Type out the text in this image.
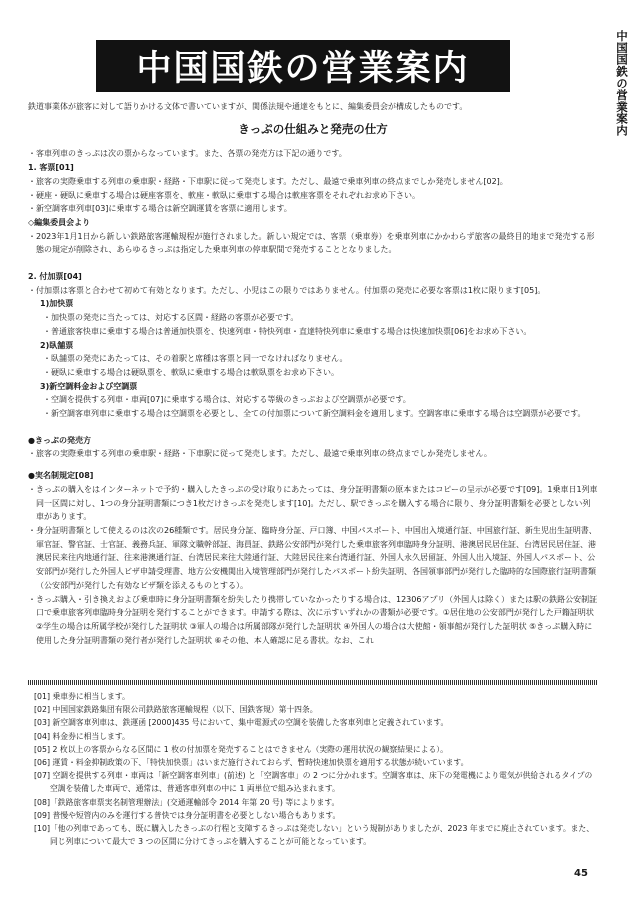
中国国鉄の営業案内	中国国鉄の営業案内
鉄道事業体が旅客に対して語りかける文体で書いていますが、関係法規や通達をもとに、編集委員会が構成したものです。
きっぷの仕組みと発売の仕方
・客車列車のきっぷは次の票からなっています。また、各票の発売方は下記の通りです。
1. 客票[01]
・旅客の実際乗車する列車の乗車駅・経路・下車駅に従って発売します。ただし、最遠で乗車列車の終点までしか発売しません[02]。
・硬座・硬臥に乗車する場合は硬座客票を、軟座・軟臥に乗車する場合は軟座客票をそれぞれお求め下さい。
・新空調客車列車[03]に乗車する場合は新空調運賃を客票に適用します。
◇編集委員会より
・2023年1月1日から新しい鉄路旅客運輸規程が施行されました。新しい規定では、客票（乗車券）を乗車列車にかかわらず旅客の最終目的地まで発売する形態の規定が削除され、あらゆるきっぷは指定した乗車列車の停車駅間で発売することとなりました。
2. 付加票[04]
・付加票は客票と合わせて初めて有効となります。ただし、小児はこの限りではありません。付加票の発売に必要な客票は1枚に限ります[05]。
1)加快票
・加快票の発売に当たっては、対応する区間・経路の客票が必要です。
・普通旅客快車に乗車する場合は普通加快票を、快速列車・特快列車・直達特快列車に乗車する場合は快速加快票[06]をお求め下さい。
2)臥舗票
・臥舗票の発売にあたっては、その着駅と席種は客票と同一でなければなりません。
・硬臥に乗車する場合は硬臥票を、軟臥に乗車する場合は軟臥票をお求め下さい。
3)新空調料金および空調票
・空調を提供する列車・車両[07]に乗車する場合は、対応する等級のきっぷおよび空調票が必要です。
・新空調客車列車に乗車する場合は空調票を必要とし、全ての付加票について新空調料金を適用します。空調客車に乗車する場合は空調票が必要です。
●きっぷの発売方
・旅客の実際乗車する列車の乗車駅・経路・下車駅に従って発売します。ただし、最遠で乗車列車の終点までしか発売しません。
●実名制規定[08]
・きっぷの購入をはインターネットで予約・購入したきっぷの受け取りにあたっては、身分証明書類の原本またはコピーの呈示が必要です[09]。1乗車日1列車同一区間に対し、1つの身分証明書類につき1枚だけきっぷを発売します[10]。ただし、駅できっぷを購入する場合に限り、身分証明書類を必要としない列車があります。
・身分証明書類として使えるのは次の26種類です。居民身分証、臨時身分証、戸口簿、中国パスポート、中国出入境通行証、中国旅行証、新生児出生証明書、軍官証、警官証、士官証、義務兵証、軍隊文職幹部証、海員証、鉄路公安部門が発行した乗車旅客列車臨時身分証明、港澳居民居住証、台湾居民居住証、港澳居民来往内地通行証、往来港澳通行証、台湾居民来往大陸通行証、大陸居民往来台湾通行証、外国人永久居留証、外国人出入境証、外国人パスポート、公安部門が発行した外国人ビザ申請受理書、地方公安機関出入境管理部門が発行したパスポート紛失証明、各国領事部門が発行した臨時的な国際旅行証明書類（公安部門が発行した有効なビザ類を添えるものとする）。
・きっぷ購入・引き換えおよび乗車時に身分証明書類を紛失したり携帯していなかったりする場合は、12306アプリ（外国人は除く）または駅の鉄路公安制証口で乗車旅客列車臨時身分証明を発行することができます。申請する際は、次に示すいずれかの書類が必要です。①居住地の公安部門が発行した戸籍証明状 ②学生の場合は所属学校が発行した証明状 ③軍人の場合は所属部隊が発行した証明状 ④外国人の場合は大使館・領事館が発行した証明状 ⑤きっぷ購入時に使用した身分証明書類の発行者が発行した証明状 ⑥その他、本人確認に足る書状。なお、これ
[01] 乗車券に相当します。
[02] 中国国家鉄路集団有限公司鉄路旅客運輸規程（以下、国鉄客規）第十四条。
[03] 新空調客車列車は、鉄運函 [2000]435 号において、集中電源式の空調を装備した客車列車と定義されています。
[04] 料金券に相当します。
[05] 2 枚以上の客票からなる区間に 1 枚の付加票を発売することはできません（実際の運用状況の観察結果による）。
[06] 運賃・料金抑制政策の下、「特快加快票」はいまだ施行されておらず、暫時快速加快票を適用する状態が続いています。
[07] 空調を提供する列車・車両は「新空調客車列車」(前述) と「空調客車」の 2 つに分かれます。空調客車は、床下の発電機により電気が供給されるタイプの空調を装備した車両で、通常は、普通客車列車の中に 1 両単位で組み込まれます。
[08]「鉄路旅客車票実名制管理辦法」(交通運輸部令 2014 年第 20 号) 等によります。
[09] 普慢や短管内のみを運行する普快では身分証明書を必要としない場合もあります。
[10]「他の列車であっても、既に購入したきっぷの行程と支障するきっぷは発売しない」という規制がありましたが、2023 年までに廃止されています。また、同じ列車について最大で 3 つの区間に分けてきっぷを購入することが可能となっています。
45
